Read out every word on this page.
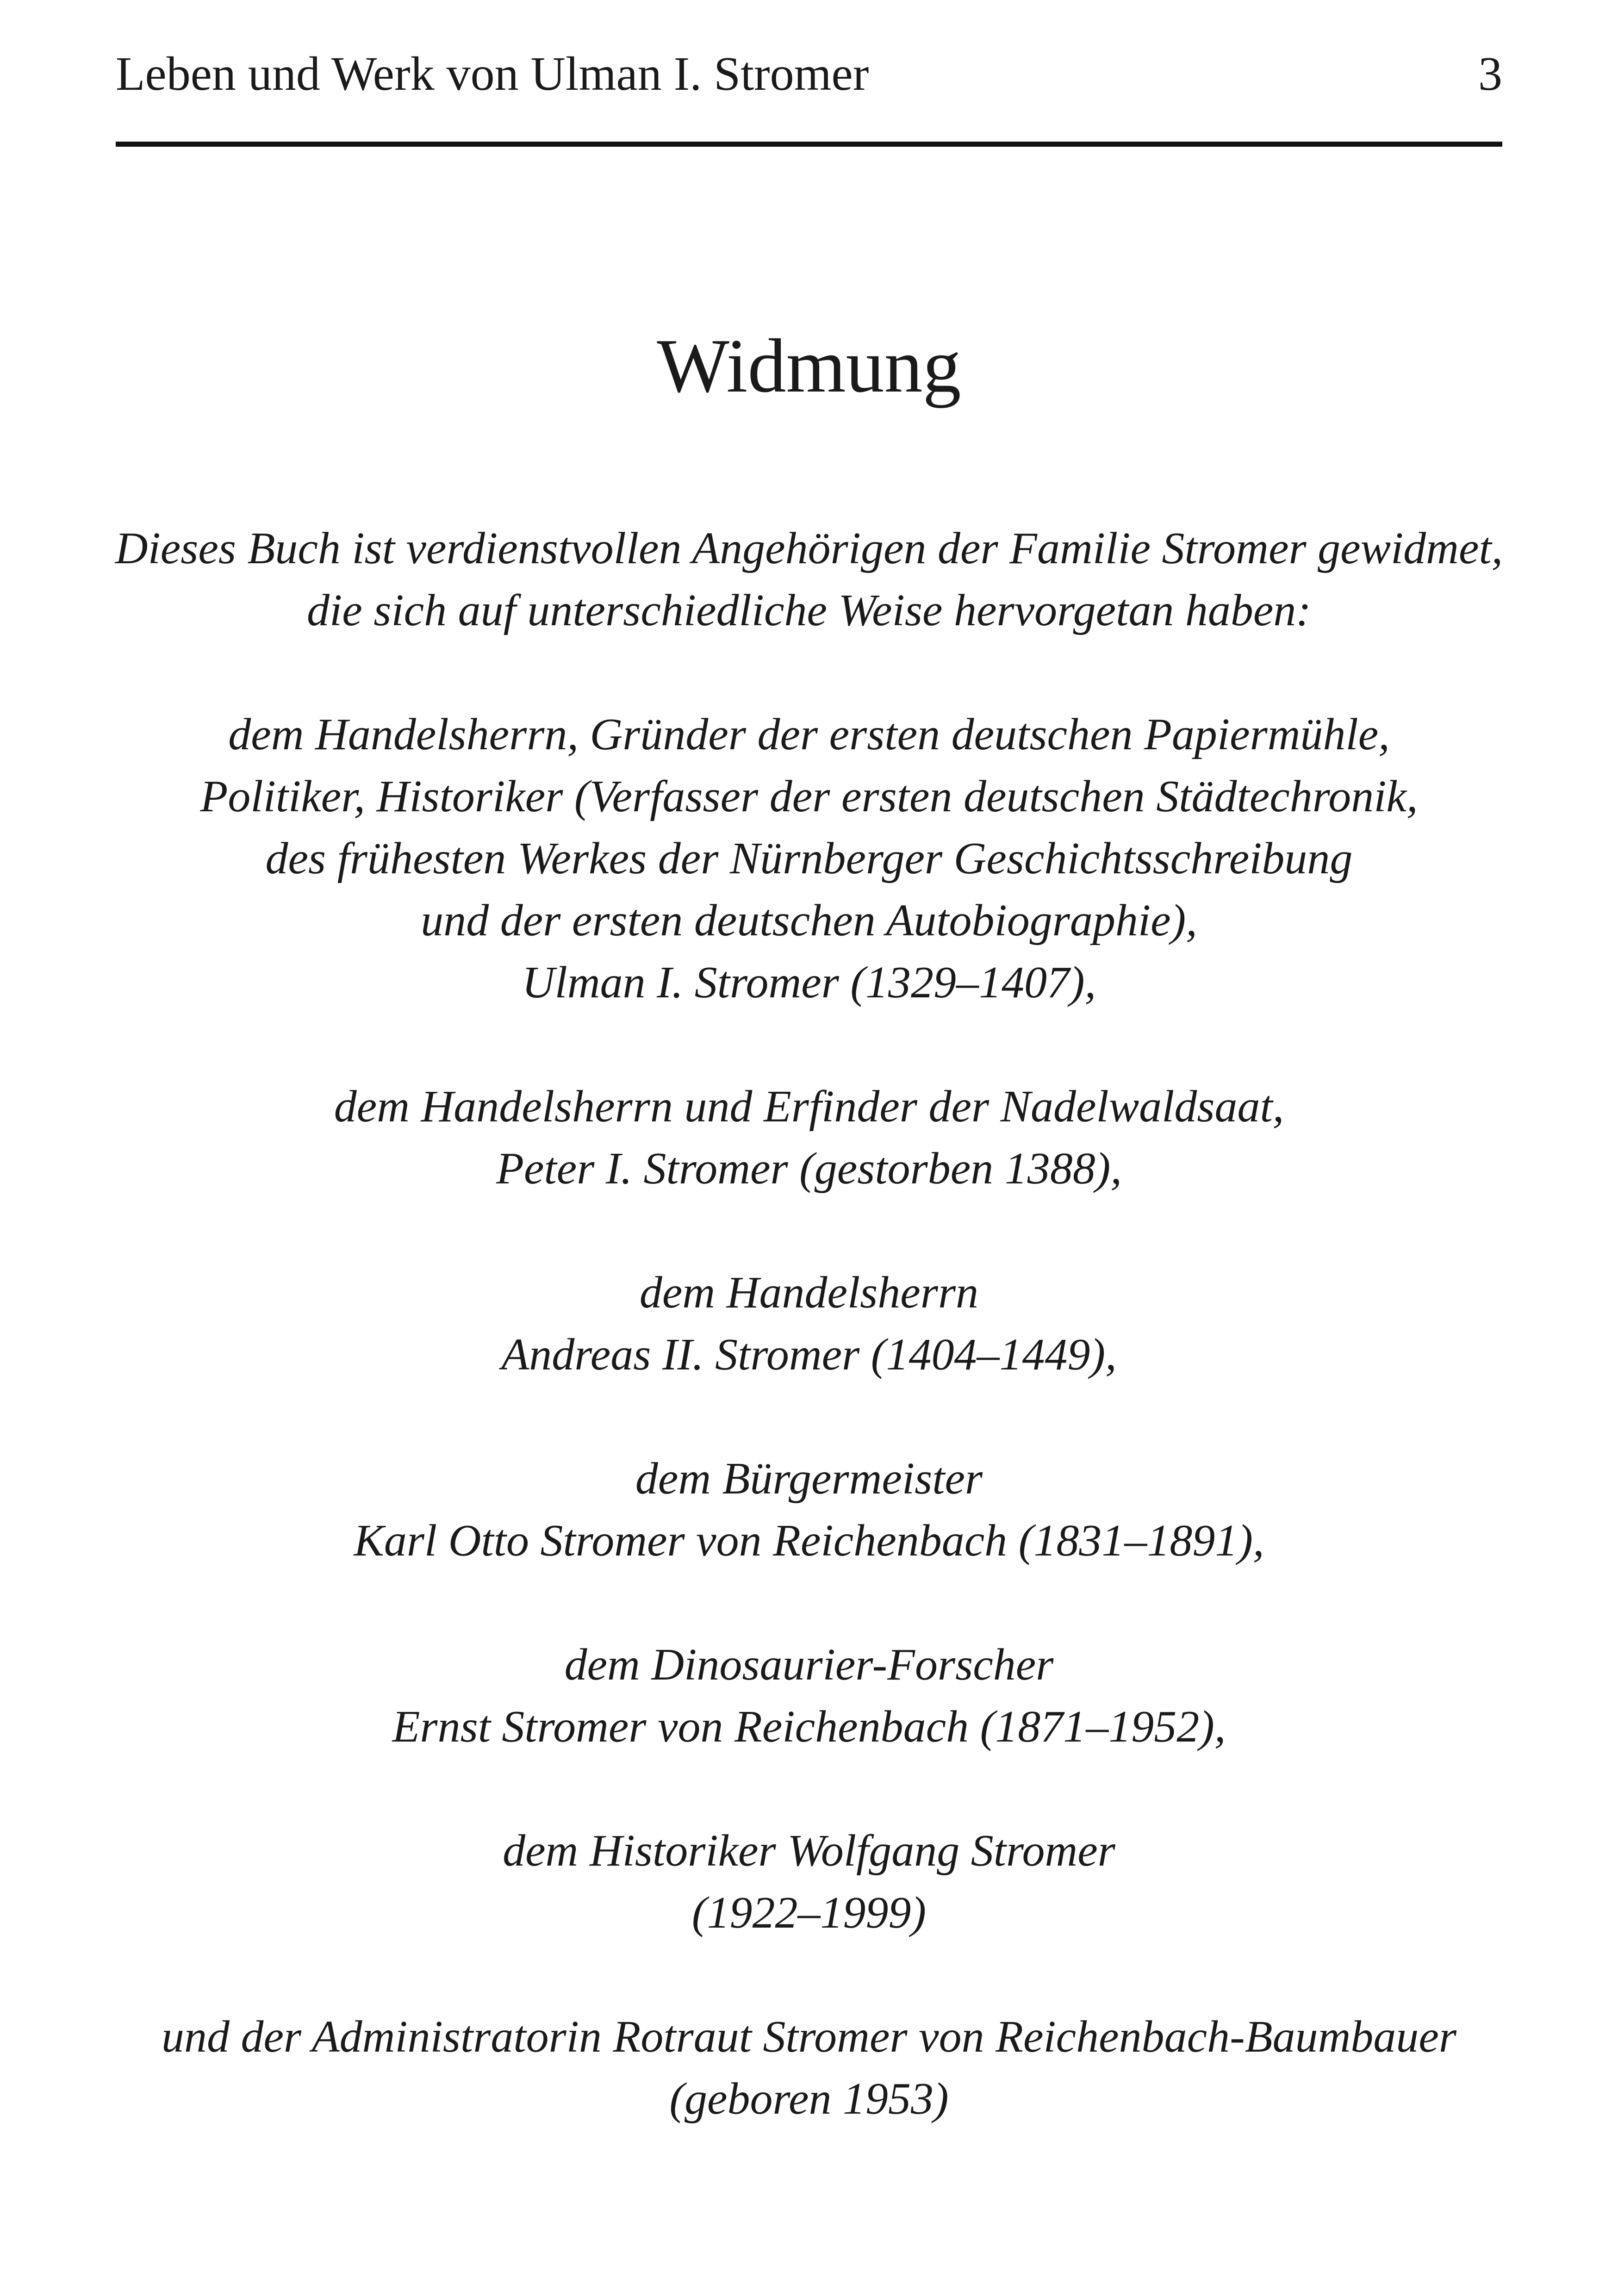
Leben und Werk von Ulman I. Stromer	3
Widmung
Dieses Buch ist verdienstvollen Angehörigen der Familie Stromer gewidmet,
die sich auf unterschiedliche Weise hervorgetan haben:
dem Handelsherrn, Gründer der ersten deutschen Papiermühle,
Politiker, Historiker (Verfasser der ersten deutschen Städtechronik,
des frühesten Werkes der Nürnberger Geschichtsschreibung
und der ersten deutschen Autobiographie),
Ulman I. Stromer (1329–1407),
dem Handelsherrn und Erfinder der Nadelwaldsaat,
Peter I. Stromer (gestorben 1388),
dem Handelsherrn
Andreas II. Stromer (1404–1449),
dem Bürgermeister
Karl Otto Stromer von Reichenbach (1831–1891),
dem Dinosaurier-Forscher
Ernst Stromer von Reichenbach (1871–1952),
dem Historiker Wolfgang Stromer
(1922–1999)
und der Administratorin Rotraut Stromer von Reichenbach-Baumbauer
(geboren 1953)
